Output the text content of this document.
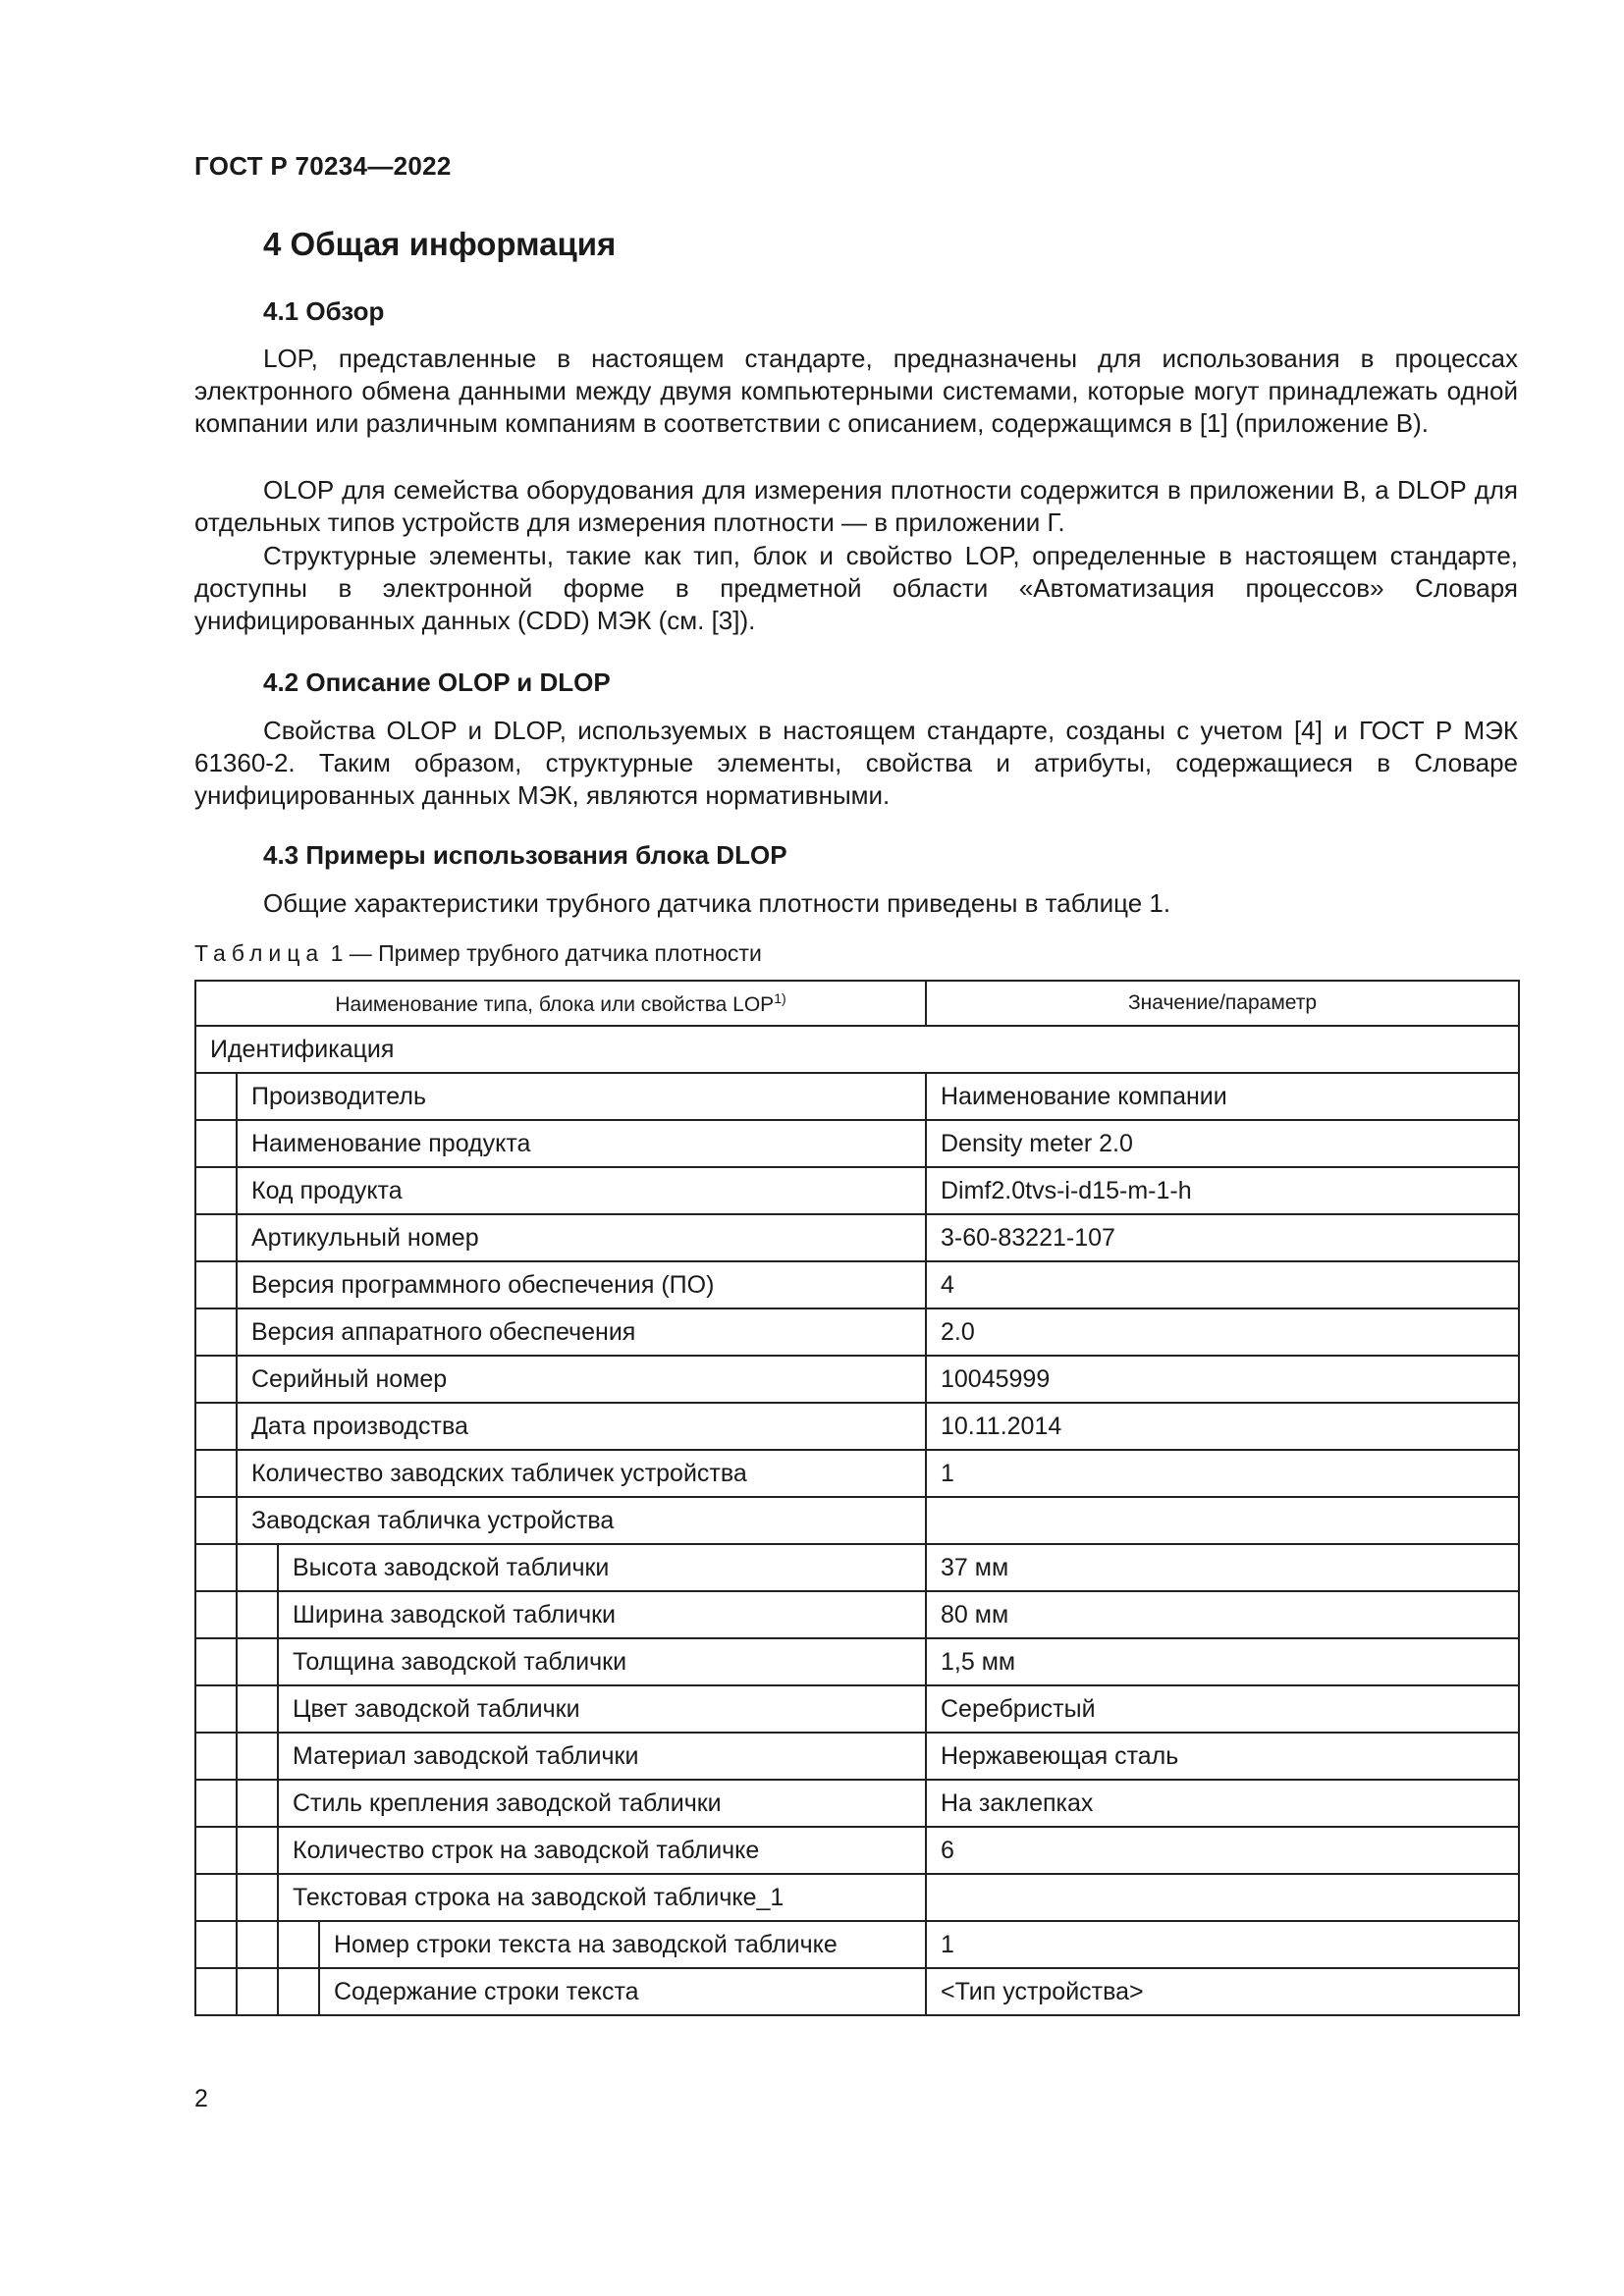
ГОСТ Р 70234—2022
4 Общая информация
4.1 Обзор

LOP, представленные в настоящем стандарте, предназначены для использования в процессах электронного обмена данными между двумя компьютерными системами, которые могут принадлежать одной компании или различным компаниям в соответствии с описанием, содержащимся в [1] (приложение В).

OLOP для семейства оборудования для измерения плотности содержится в приложении В, а DLOP для отдельных типов устройств для измерения плотности — в приложении Г.

Структурные элементы, такие как тип, блок и свойство LOP, определенные в настоящем стандарте, доступны в электронной форме в предметной области «Автоматизация процессов» Словаря унифицированных данных (CDD) МЭК (см. [3]).

4.2 Описание OLOP и DLOP

Свойства OLOP и DLOP, используемых в настоящем стандарте, созданы с учетом [4] и ГОСТ Р МЭК 61360-2. Таким образом, структурные элементы, свойства и атрибуты, содержащиеся в Словаре унифицированных данных МЭК, являются нормативными.

4.3 Примеры использования блока DLOP

Общие характеристики трубного датчика плотности приведены в таблице 1.

Таблица 1 — Пример трубного датчика плотности
Наименование типа, блока или свойства LOP$^{1)}$				Значение/параметр
Идентификация				
	Производитель			Наименование компании
	Наименование продукта			Density meter 2.0
	Код продукта			Dimf2.0tvs-i-d15-m-1-h
	Артикульный номер			3-60-83221-107
	Версия программного обеспечения (ПО)			4
	Версия аппаратного обеспечения			2.0
	Серийный номер			10045999
	Дата производства			10.11.2014
	Количество заводских табличек устройства			1
	Заводская табличка устройства			
		Высота заводской таблички		37 мм
		Ширина заводской таблички		80 мм
		Толщина заводской таблички		1,5 мм
		Цвет заводской таблички		Серебристый
		Материал заводской таблички		Нержавеющая сталь
		Стиль крепления заводской таблички		На заклепках
		Количество строк на заводской табличке		6
		Текстовая строка на заводской табличке_1		
			Номер строки текста на заводской табличке	1
			Содержание строки текста	<Тип устройства>
2
